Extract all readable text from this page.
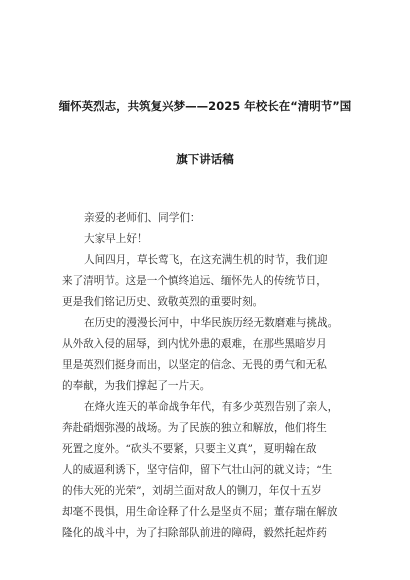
缅怀英烈志，共筑复兴梦——2025 年校长在“清明节”国
旗下讲话稿
亲爱的老师们、同学们：
大家早上好！
人间四月，草长莺飞，在这充满生机的时节，我们迎
来了清明节。这是一个慎终追远、缅怀先人的传统节日，
更是我们铭记历史、致敬英烈的重要时刻。
在历史的漫漫长河中，中华民族历经无数磨难与挑战。
从外敌入侵的屈辱，到内忧外患的艰难，在那些黑暗岁月
里是英烈们挺身而出，以坚定的信念、无畏的勇气和无私
的奉献，为我们撑起了一片天。
在烽火连天的革命战争年代，有多少英烈告别了亲人，
奔赴硝烟弥漫的战场。为了民族的独立和解放，他们将生
死置之度外。“砍头不要紧，只要主义真”，夏明翰在敌
人的威逼利诱下，坚守信仰，留下气壮山河的就义诗；“生
的伟大死的光荣”，刘胡兰面对敌人的铡刀，年仅十五岁
却毫不畏惧，用生命诠释了什么是坚贞不屈；董存瑞在解放
隆化的战斗中，为了扫除部队前进的障碍，毅然托起炸药
